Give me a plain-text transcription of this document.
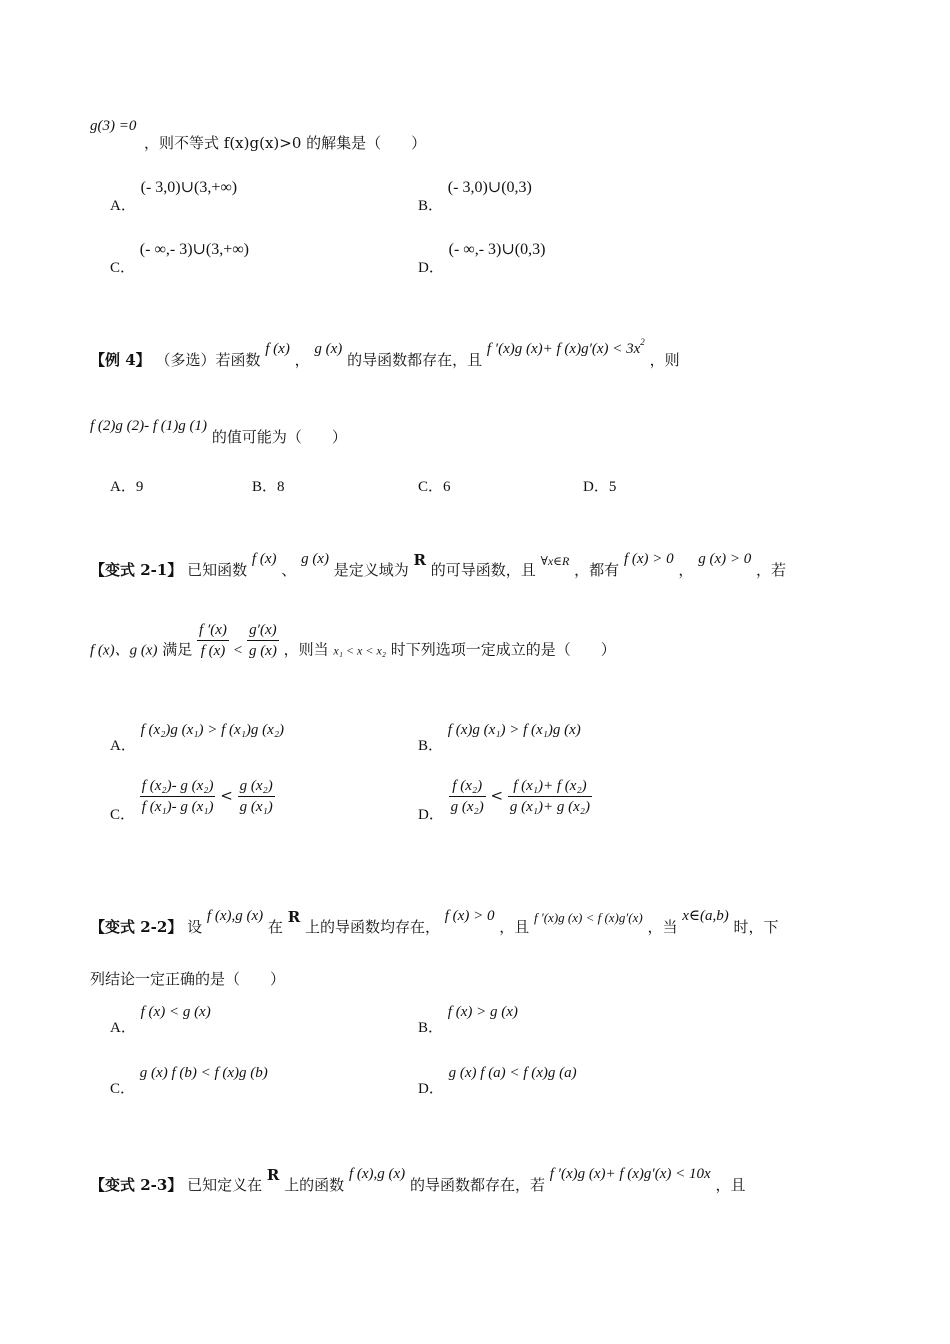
g(3) =0
，则不等式 f(x)g(x)>0 的解集是（　　）
A． (- 3,0)∪(3,+∞)
B． (- 3,0)∪(0,3)
C． (- ∞,- 3)∪(3,+∞)
D． (- ∞,- 3)∪(0,3)
【例 4】 （多选）若函数 f (x) ， g (x) 的导函数都存在，且 f ′(x)g (x)+ f $(x)g'(x) < 3x^2$ ，则
f (2)g (2)- f (1)g (1) 的值可能为（　　）
A．9	B．8	C．6	D．5
【变式 2-1】 已知函数 f (x) 、 g (x) 是定义域为 R 的可导函数，且 $^{\forall x\in R}$ ，都有 f (x) > 0 ， g (x) > 0 ，若
f (x)、g (x) 满足 $\frac{f '(x)}{f (x)} < \frac{g'(x)}{g (x)}$ ，则当 x₁ < x < x₂ 时下列选项一定成立的是（　　）
A． f (x₂)g (x₁) > f (x₁)g (x₂)
B． f (x)g (x₁) > f (x₁)g (x)
C． $\frac{\text{f (x₂)- g (x₂)}}{\text{f (x₁)- g (x₁)}} < \frac{\text{g (x₂)}}{\text{g (x₁)}}$	D． $\frac{\text{f (x₂)}}{\text{g (x₂)}} < \frac{\text{f (x₁)+ f (x₂)}}{\text{g (x₁)+ g (x₂)}}$
【变式 2-2】 设 f (x),g (x) 在 R 上的导函数均存在， f (x) > 0 ，且 f ′(x)g (x) < f (x)g′(x) ，当 x∈(a,b) 时，下
列结论一定正确的是（　　）
A． f (x) < g (x)
B． f (x) > g (x)
C． g (x) f (b) < f (x)g (b)
D． g (x) f (a) < f (x)g (a)
【变式 2-3】 已知定义在 R 上的函数 f (x),g (x) 的导函数都存在，若 f ′(x)g (x)+ f (x)g′(x) < 10x ，且
